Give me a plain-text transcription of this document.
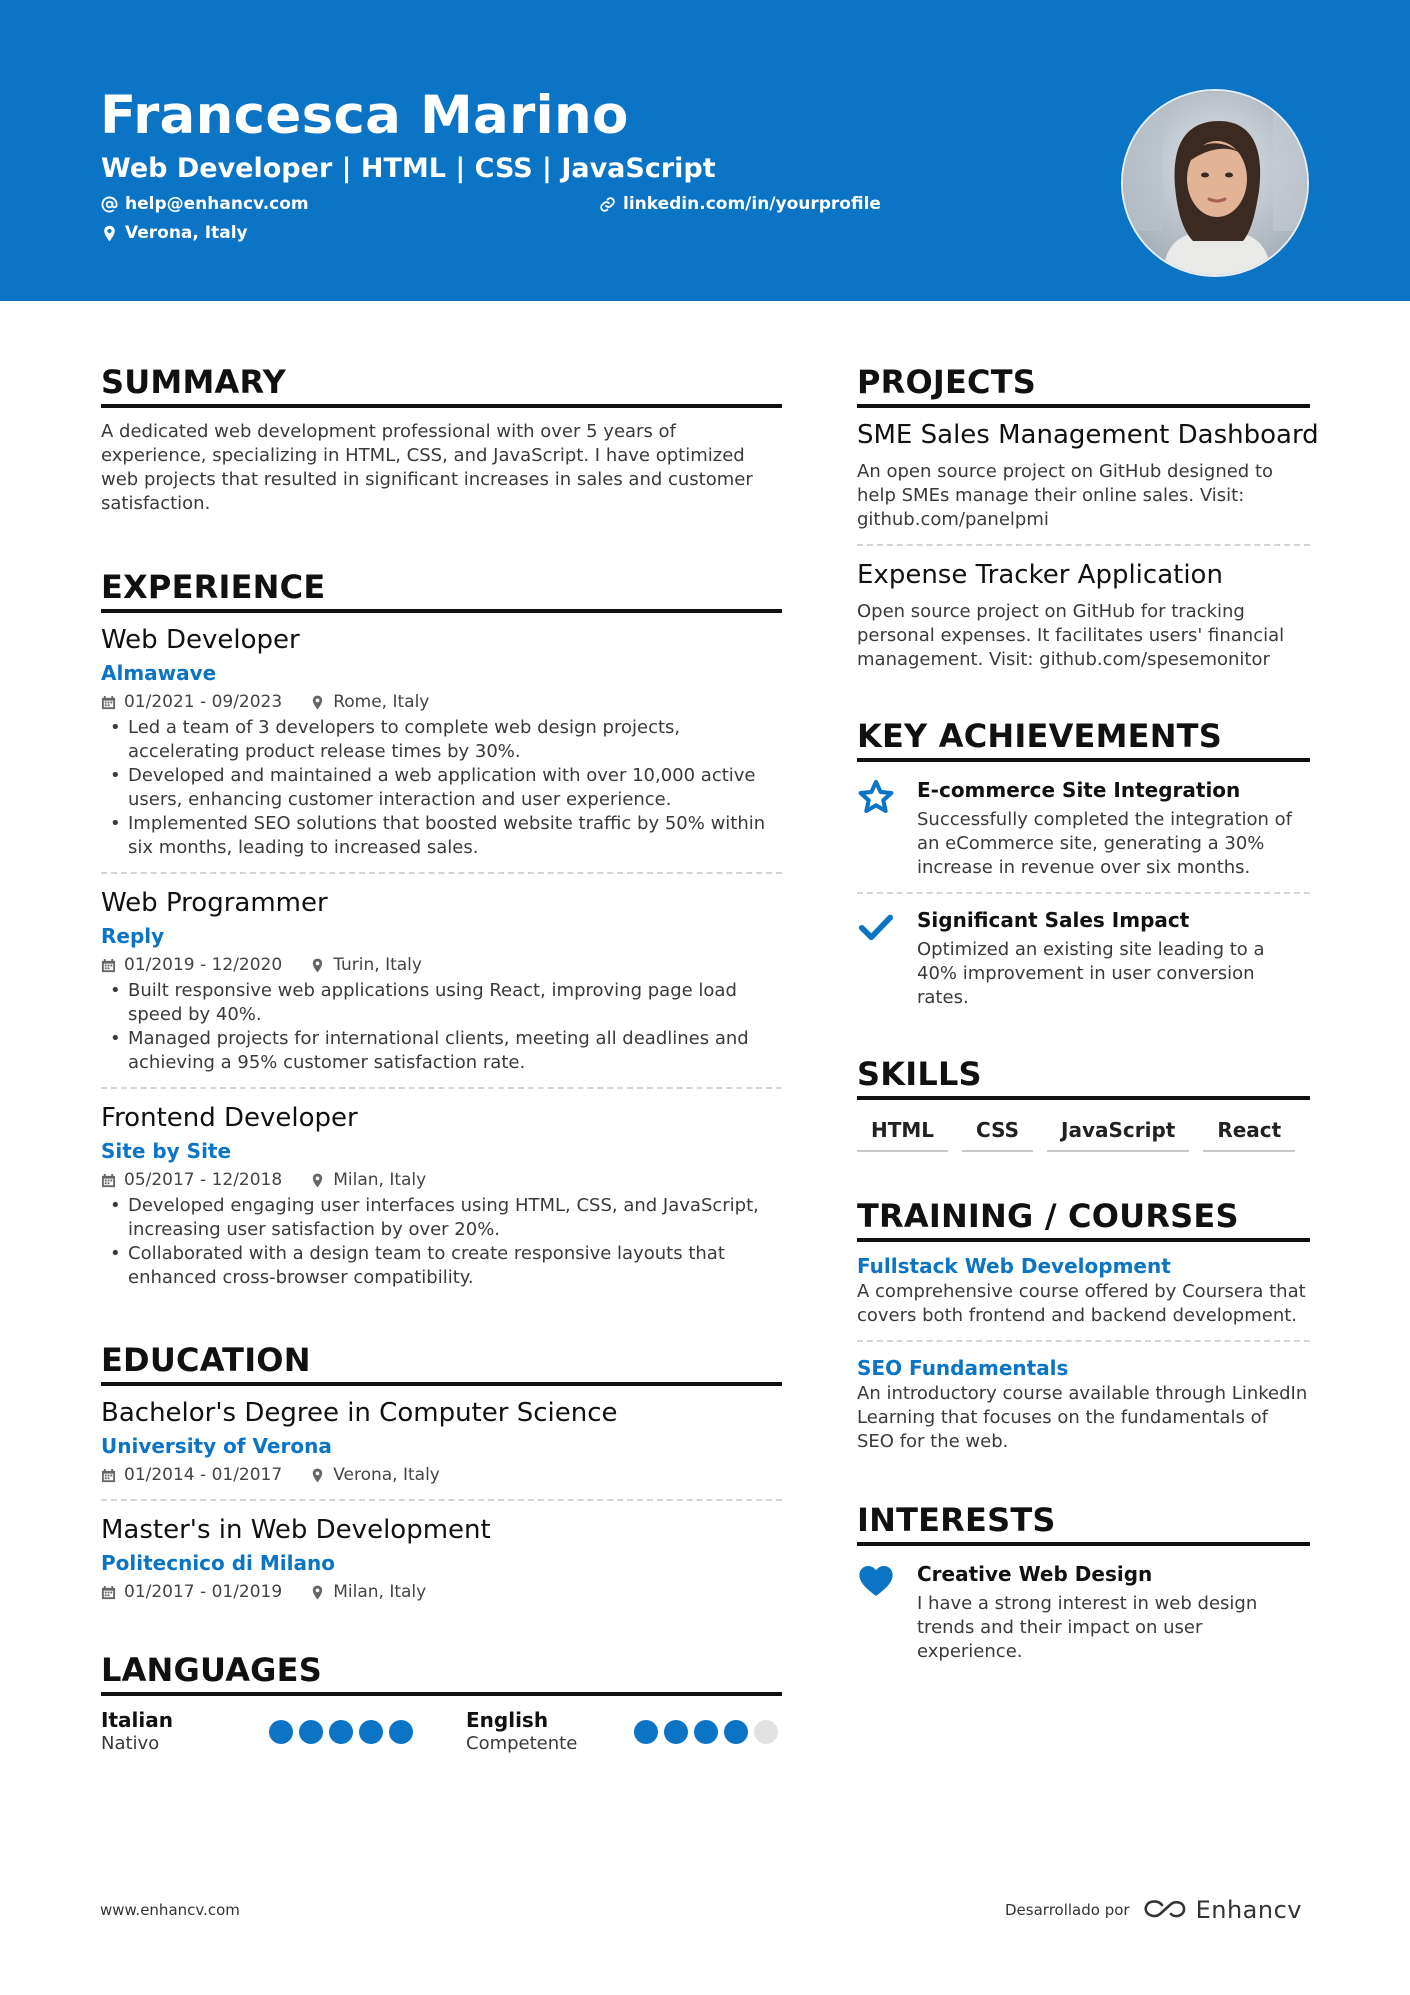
Francesca Marino
Web Developer | HTML | CSS | JavaScript
help@enhancv.com	linkedin.com/in/yourprofile
Verona, Italy
SUMMARY
A dedicated web development professional with over 5 years of experience, specializing in HTML, CSS, and JavaScript. I have optimized web projects that resulted in significant increases in sales and customer satisfaction.
EXPERIENCE
Web Developer
Almawave
01/2021 - 09/2023	Rome, Italy
• Led a team of 3 developers to complete web design projects, accelerating product release times by 30%.
• Developed and maintained a web application with over 10,000 active users, enhancing customer interaction and user experience.
• Implemented SEO solutions that boosted website traffic by 50% within six months, leading to increased sales.
Web Programmer
Reply
01/2019 - 12/2020	Turin, Italy
• Built responsive web applications using React, improving page load speed by 40%.
• Managed projects for international clients, meeting all deadlines and achieving a 95% customer satisfaction rate.
Frontend Developer
Site by Site
05/2017 - 12/2018	Milan, Italy
• Developed engaging user interfaces using HTML, CSS, and JavaScript, increasing user satisfaction by over 20%.
• Collaborated with a design team to create responsive layouts that enhanced cross-browser compatibility.
EDUCATION
Bachelor's Degree in Computer Science
University of Verona
01/2014 - 01/2017	Verona, Italy
Master's in Web Development
Politecnico di Milano
01/2017 - 01/2019	Milan, Italy
LANGUAGES
Italian
Nativo
English
Competente
PROJECTS
SME Sales Management Dashboard
An open source project on GitHub designed to help SMEs manage their online sales. Visit: github.com/panelpmi
Expense Tracker Application
Open source project on GitHub for tracking personal expenses. It facilitates users' financial management. Visit: github.com/spesemonitor
KEY ACHIEVEMENTS
E-commerce Site Integration
Successfully completed the integration of an eCommerce site, generating a 30% increase in revenue over six months.
Significant Sales Impact
Optimized an existing site leading to a 40% improvement in user conversion rates.
SKILLS
HTML	CSS	JavaScript	React
TRAINING / COURSES
Fullstack Web Development
A comprehensive course offered by Coursera that covers both frontend and backend development.
SEO Fundamentals
An introductory course available through LinkedIn Learning that focuses on the fundamentals of SEO for the web.
INTERESTS
Creative Web Design
I have a strong interest in web design trends and their impact on user experience.
www.enhancv.com	Desarrollado por	Enhancv
